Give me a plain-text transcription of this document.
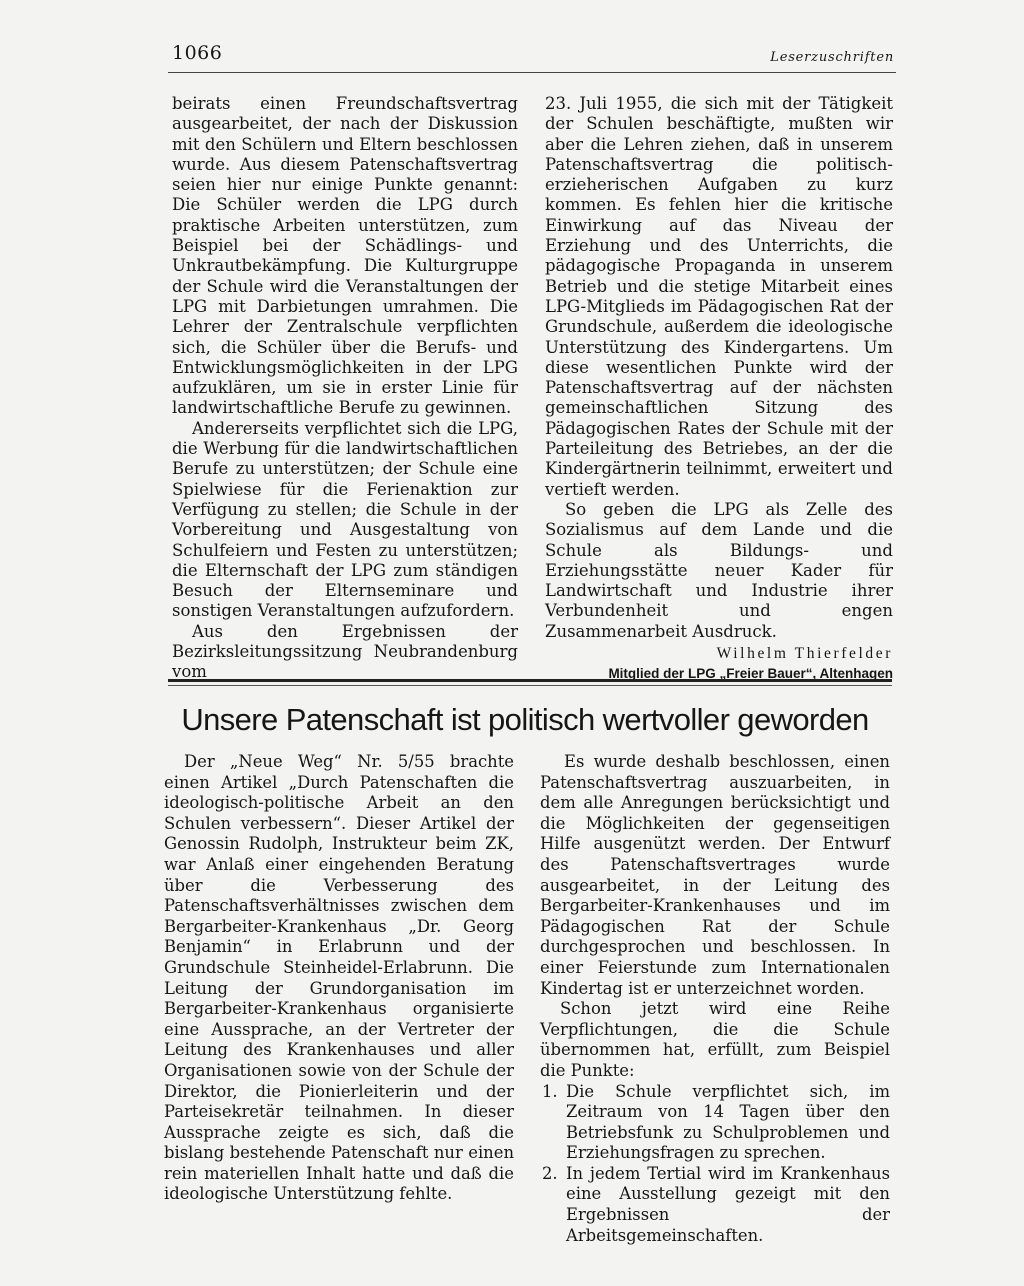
1066	Leserzuschriften

beirats einen Freundschaftsvertrag ausgearbeitet, der nach der Diskussion mit den Schülern und Eltern beschlossen wurde. Aus diesem Patenschaftsvertrag seien hier nur einige Punkte genannt: Die Schüler werden die LPG durch praktische Arbeiten unterstützen, zum Beispiel bei der Schädlings- und Unkrautbekämpfung. Die Kulturgruppe der Schule wird die Veranstaltungen der LPG mit Darbietungen umrahmen. Die Lehrer der Zentralschule verpflichten sich, die Schüler über die Berufs- und Entwicklungsmöglichkeiten in der LPG aufzuklären, um sie in erster Linie für landwirtschaftliche Berufe zu gewinnen.

Andererseits verpflichtet sich die LPG, die Werbung für die landwirtschaftlichen Berufe zu unterstützen; der Schule eine Spielwiese für die Ferienaktion zur Verfügung zu stellen; die Schule in der Vorbereitung und Ausgestaltung von Schulfeiern und Festen zu unterstützen; die Elternschaft der LPG zum ständigen Besuch der Elternseminare und sonstigen Veranstaltungen aufzufordern.

Aus den Ergebnissen der Bezirksleitungssitzung Neubrandenburg vom

23. Juli 1955, die sich mit der Tätigkeit der Schulen beschäftigte, mußten wir aber die Lehren ziehen, daß in unserem Patenschaftsvertrag die politisch-erzieherischen Aufgaben zu kurz kommen. Es fehlen hier die kritische Einwirkung auf das Niveau der Erziehung und des Unterrichts, die pädagogische Propaganda in unserem Betrieb und die stetige Mitarbeit eines LPG-Mitglieds im Pädagogischen Rat der Grundschule, außerdem die ideologische Unterstützung des Kindergartens. Um diese wesentlichen Punkte wird der Patenschaftsvertrag auf der nächsten gemeinschaftlichen Sitzung des Pädagogischen Rates der Schule mit der Parteileitung des Betriebes, an der die Kindergärtnerin teilnimmt, erweitert und vertieft werden.

So geben die LPG als Zelle des Sozialismus auf dem Lande und die Schule als Bildungs- und Erziehungsstätte neuer Kader für Landwirtschaft und Industrie ihrer Verbundenheit und engen Zusammenarbeit Ausdruck.

Wilhelm Thierfelder
Mitglied der LPG „Freier Bauer“, Altenhagen
Unsere Patenschaft ist politisch wertvoller geworden

Der „Neue Weg“ Nr. 5/55 brachte einen Artikel „Durch Patenschaften die ideologisch-politische Arbeit an den Schulen verbessern“. Dieser Artikel der Genossin Rudolph, Instrukteur beim ZK, war Anlaß einer eingehenden Beratung über die Verbesserung des Patenschaftsverhältnisses zwischen dem Bergarbeiter-Krankenhaus „Dr. Georg Benjamin“ in Erlabrunn und der Grundschule Steinheidel-Erlabrunn. Die Leitung der Grundorganisation im Bergarbeiter-Krankenhaus organisierte eine Aussprache, an der Vertreter der Leitung des Krankenhauses und aller Organisationen sowie von der Schule der Direktor, die Pionierleiterin und der Parteisekretär teilnahmen. In dieser Aussprache zeigte es sich, daß die bislang bestehende Patenschaft nur einen rein materiellen Inhalt hatte und daß die ideologische Unterstützung fehlte.

Es wurde deshalb beschlossen, einen Patenschaftsvertrag auszuarbeiten, in dem alle Anregungen berücksichtigt und die Möglichkeiten der gegenseitigen Hilfe ausgenützt werden. Der Entwurf des Patenschaftsvertrages wurde ausgearbeitet, in der Leitung des Bergarbeiter-Krankenhauses und im Pädagogischen Rat der Schule durchgesprochen und beschlossen. In einer Feierstunde zum Internationalen Kindertag ist er unterzeichnet worden.

Schon jetzt wird eine Reihe Verpflichtungen, die die Schule übernommen hat, erfüllt, zum Beispiel die Punkte:

1. Die Schule verpflichtet sich, im Zeitraum von 14 Tagen über den Betriebsfunk zu Schulproblemen und Erziehungsfragen zu sprechen.
2. In jedem Tertial wird im Krankenhaus eine Ausstellung gezeigt mit den Ergebnissen der Arbeitsgemeinschaften.
